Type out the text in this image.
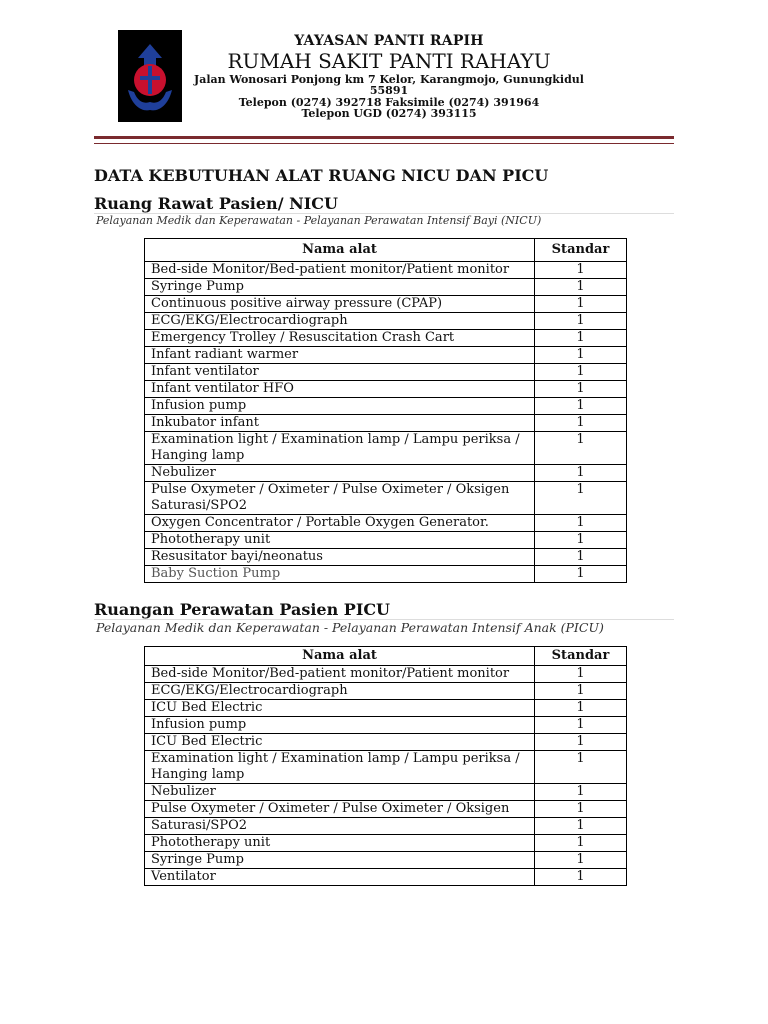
YAYASAN PANTI RAPIH
RUMAH SAKIT PANTI RAHAYU
Jalan Wonosari Ponjong km 7 Kelor, Karangmojo, Gunungkidul 55891
Telepon (0274) 392718 Faksimile (0274) 391964
Telepon UGD (0274) 393115
DATA KEBUTUHAN ALAT RUANG NICU DAN PICU
Ruang Rawat Pasien/ NICU
Pelayanan Medik dan Keperawatan - Pelayanan Perawatan Intensif Bayi (NICU)
Nama alat	Standar
Bed-side Monitor/Bed-patient monitor/Patient monitor	1
Syringe Pump	1
Continuous positive airway pressure (CPAP)	1
ECG/EKG/Electrocardiograph	1
Emergency Trolley / Resuscitation Crash Cart	1
Infant radiant warmer	1
Infant ventilator	1
Infant ventilator HFO	1
Infusion pump	1
Inkubator infant	1
Examination light / Examination lamp / Lampu periksa / Hanging lamp	1
Nebulizer	1
Pulse Oxymeter / Oximeter / Pulse Oximeter / Oksigen Saturasi/SPO2	1
Oxygen Concentrator / Portable Oxygen Generator.	1
Phototherapy unit	1
Resusitator bayi/neonatus	1
Baby Suction Pump	1
Ruangan Perawatan Pasien PICU
Pelayanan Medik dan Keperawatan - Pelayanan Perawatan Intensif Anak (PICU)
Nama alat	Standar
Bed-side Monitor/Bed-patient monitor/Patient monitor	1
ECG/EKG/Electrocardiograph	1
ICU Bed Electric	1
Infusion pump	1
ICU Bed Electric	1
Examination light / Examination lamp / Lampu periksa / Hanging lamp	1
Nebulizer	1
Pulse Oxymeter / Oximeter / Pulse Oximeter / Oksigen	1
Saturasi/SPO2	1
Phototherapy unit	1
Syringe Pump	1
Ventilator	1
